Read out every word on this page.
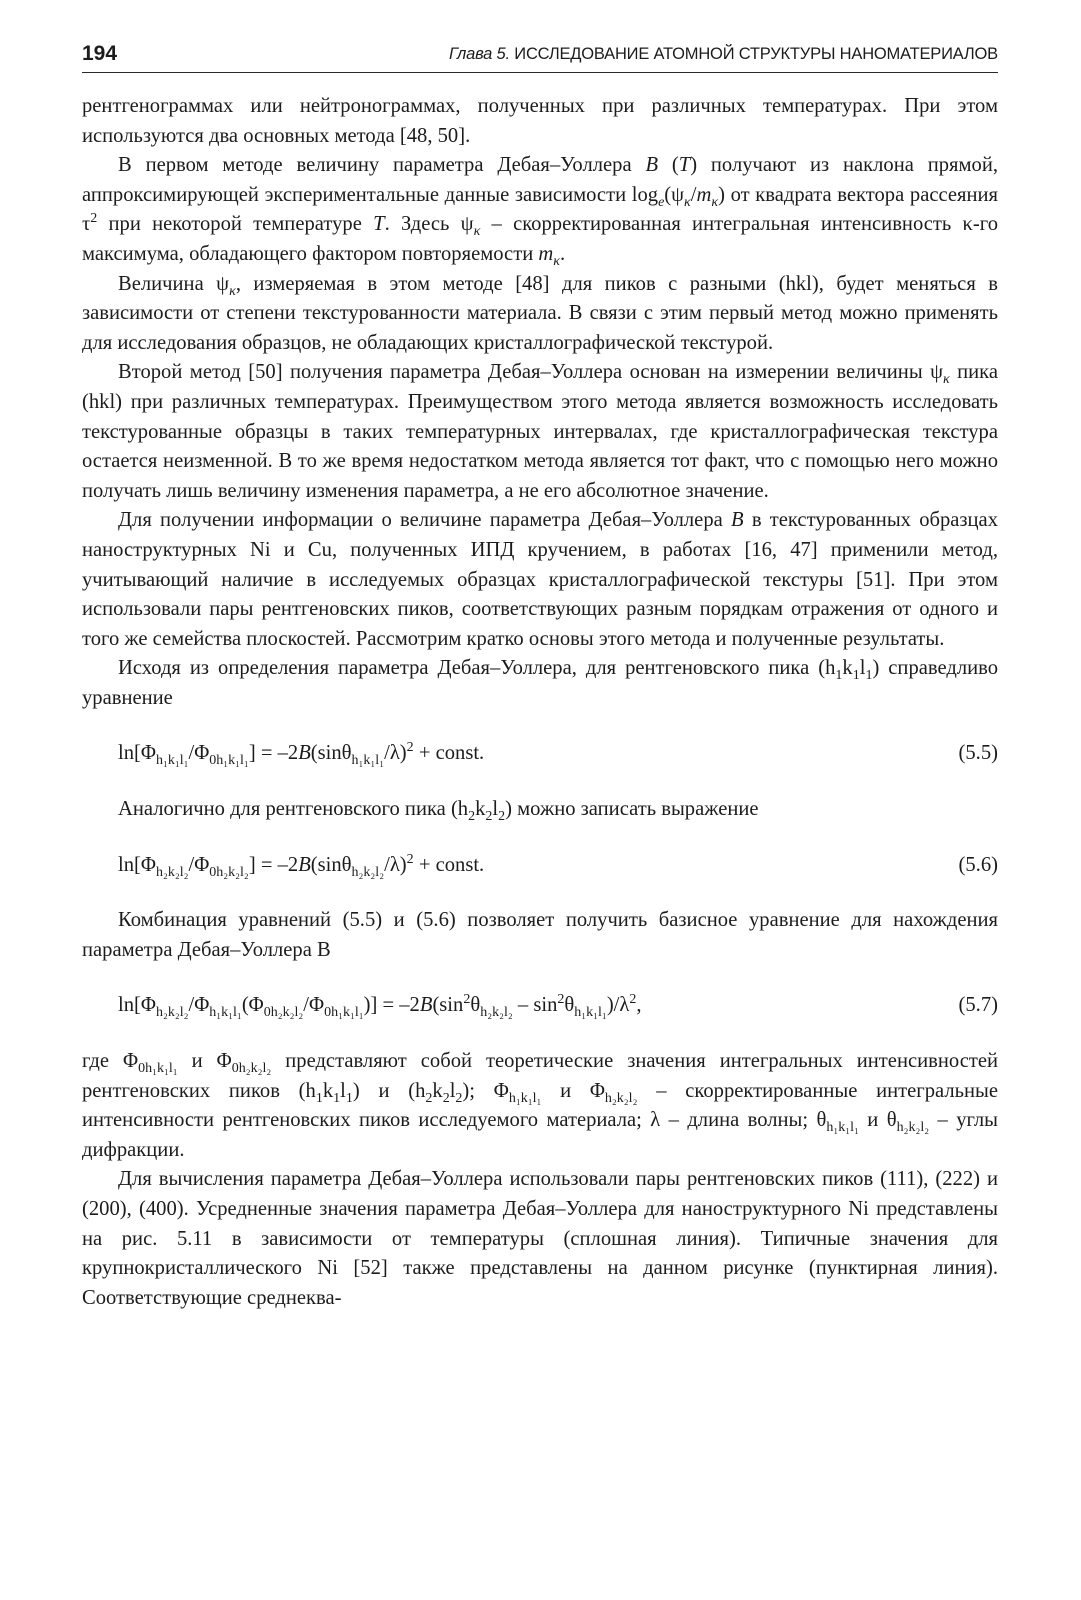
194	Глава 5. ИССЛЕДОВАНИЕ АТОМНОЙ СТРУКТУРЫ НАНОМАТЕРИАЛОВ

рентгенограммах или нейтронограммах, полученных при различных температурах. При этом используются два основных метода [48, 50].

В первом методе величину параметра Дебая–Уоллера B (T) получают из наклона прямой, аппроксимирующей экспериментальные данные зависимости $\log_e(\psi_\kappa/m_\kappa)$ от квадрата вектора рассеяния $\tau^2$ при некоторой температуре T. Здесь $\psi_\kappa$ – скорректированная интегральная интенсивность κ-го максимума, обладающего фактором повторяемости $m_\kappa$.

Величина $\psi_\kappa$, измеряемая в этом методе [48] для пиков с разными (hkl), будет меняться в зависимости от степени текстурованности материала. В связи с этим первый метод можно применять для исследования образцов, не обладающих кристаллографической текстурой.

Второй метод [50] получения параметра Дебая–Уоллера основан на измерении величины $\psi_\kappa$ пика (hkl) при различных температурах. Преимуществом этого метода является возможность исследовать текстурованные образцы в таких температурных интервалах, где кристаллографическая текстура остается неизменной. В то же время недостатком метода является тот факт, что с помощью него можно получать лишь величину изменения параметра, а не его абсолютное значение.

Для получении информации о величине параметра Дебая–Уоллера B в текстурованных образцах наноструктурных Ni и Cu, полученных ИПД кручением, в работах [16, 47] применили метод, учитывающий наличие в исследуемых образцах кристаллографической текстуры [51]. При этом использовали пары рентгеновских пиков, соответствующих разным порядкам отражения от одного и того же семейства плоскостей. Рассмотрим кратко основы этого метода и полученные результаты.

Исходя из определения параметра Дебая–Уоллера, для рентгеновского пика $(h_1k_1l_1)$ справедливо уравнение

$\ln[\Phi_{h_1k_1l_1}/\Phi_{0h_1k_1l_1}] = -2B(\sin\theta_{h_1k_1l_1}/\lambda)^2$ + const.	(5.5)

Аналогично для рентгеновского пика $(h_2k_2l_2)$ можно записать выражение

$\ln[\Phi_{h_2k_2l_2}/\Phi_{0h_2k_2l_2}] = -2B(\sin\theta_{h_2k_2l_2}/\lambda)^2$ + const.	(5.6)

Комбинация уравнений (5.5) и (5.6) позволяет получить базисное уравнение для нахождения параметра Дебая–Уоллера B

$\ln[\Phi_{h_2k_2l_2}/\Phi_{h_1k_1l_1}(\Phi_{0h_2k_2l_2}/\Phi_{0h_1k_1l_1})] = -2B(\sin^2\theta_{h_2k_2l_2} - \sin^2\theta_{h_1k_1l_1})/\lambda^2$,	(5.7)

где $\Phi_{0h_1k_1l_1}$ и $\Phi_{0h_2k_2l_2}$ представляют собой теоретические значения интегральных интенсивностей рентгеновских пиков $(h_1k_1l_1)$ и $(h_2k_2l_2)$; $\Phi_{h_1k_1l_1}$ и $\Phi_{h_2k_2l_2}$ – скорректированные интегральные интенсивности рентгеновских пиков исследуемого материала; λ – длина волны; $\theta_{h_1k_1l_1}$ и $\theta_{h_2k_2l_2}$ – углы дифракции.

Для вычисления параметра Дебая–Уоллера использовали пары рентгеновских пиков (111), (222) и (200), (400). Усредненные значения параметра Дебая–Уоллера для наноструктурного Ni представлены на рис. 5.11 в зависимости от температуры (сплошная линия). Типичные значения для крупнокристаллического Ni [52] также представлены на данном рисунке (пунктирная линия). Соответствующие среднеква-
